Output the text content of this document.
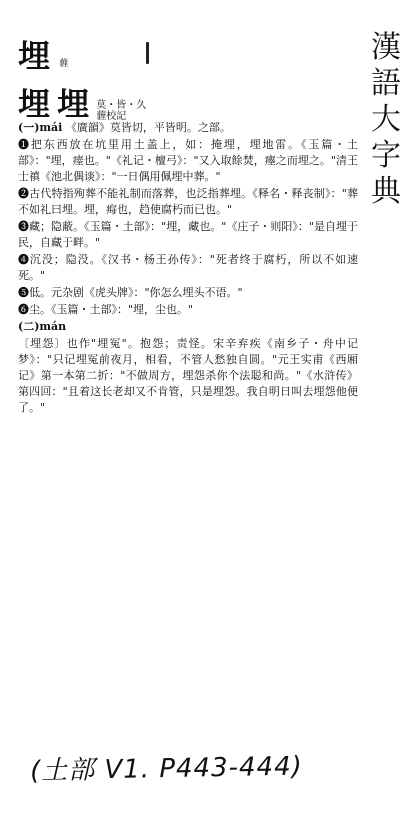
漢
語
大
字
典
埋 薶
埋 埋 莫・皆・久
薶校記

(一)mái 《廣韻》莫皆切，平皆明。之部。

❶把东西放在坑里用土盖上，如：掩埋，埋地雷。《玉篇・土部》："埋，瘗也。"《礼记・檀弓》："又入取餘焚，瘞之而埋之。"清王士禛《池北偶谈》："一日偶用佩埋中葬。"

❷古代特指殉葬不能礼制而落葬，也泛指葬埋。《释名・释丧制》："葬不如礼曰埋。埋，痗也，趋使腐朽而已也。"

❸藏；隐蔽。《玉篇・土部》："埋，藏也。"《庄子・则阳》："是自埋于民，自藏于畔。"

❹沉没；隐没。《汉书・杨王孙传》："死者终于腐朽，所以不如速死。"

❺低。元杂剧《虎头牌》："你怎么埋头不语。"

❻尘。《玉篇・土部》："埋，尘也。"

(二)mán

〔埋怨〕也作"埋冤"。抱怨；责怪。宋辛弃疾《南乡子・舟中记梦》："只记埋冤前夜月，相看，不管人愁独自圆。"元王实甫《西厢记》第一本第二折："不做周方，埋怨杀你个法聪和尚。"《水浒传》第四回："且着这长老却又不肯管，只是埋怨。我自明日叫去埋怨他便了。"

(土部 V1. P443-444)
